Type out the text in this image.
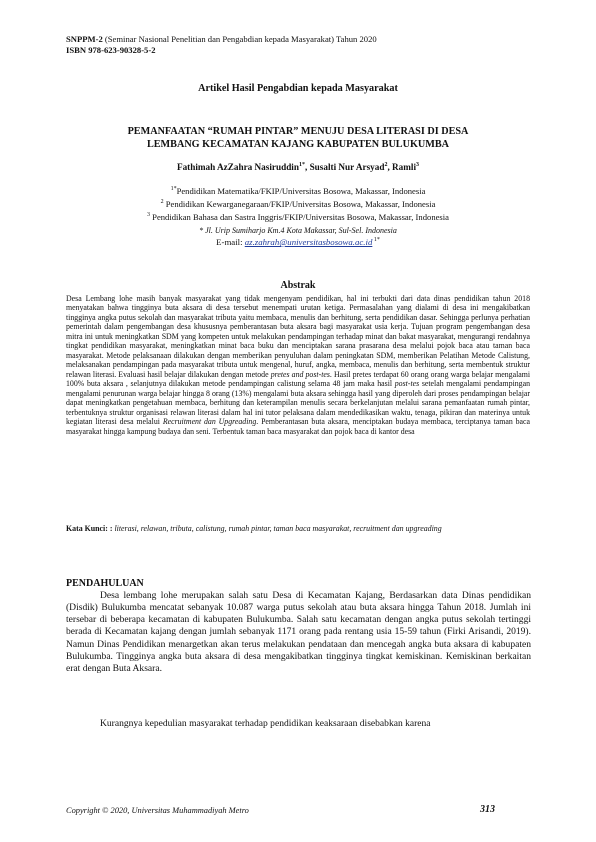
SNPPM-2 (Seminar Nasional Penelitian dan Pengabdian kepada Masyarakat) Tahun 2020
ISBN 978-623-90328-5-2
Artikel Hasil Pengabdian kepada Masyarakat
PEMANFAATAN “RUMAH PINTAR” MENUJU DESA LITERASI DI DESA
LEMBANG KECAMATAN KAJANG KABUPATEN BULUKUMBA
Fathimah AzZahra Nasiruddin$^{1*}$, Susalti Nur Arsyad$^2$, Ramli$^3$
$^{1*}$Pendidikan Matematika/FKIP/Universitas Bosowa, Makassar, Indonesia
$^2$ Pendidikan Kewarganegaraan/FKIP/Universitas Bosowa, Makassar, Indonesia
$^3$ Pendidikan Bahasa dan Sastra Inggris/FKIP/Universitas Bosowa, Makassar, Indonesia
* Jl. Urip Sumiharjo Km.4 Kota Makassar, Sul-Sel. Indonesia
E-mail: az.zahrah@universitasbosowa.ac.id $^{1*}$
Abstrak
Desa Lembang lohe masih banyak masyarakat yang tidak mengenyam pendidikan, hal ini terbukti dari data dinas pendidikan tahun 2018 menyatakan bahwa tingginya buta aksara di desa tersebut menempati urutan ketiga. Permasalahan yang dialami di desa ini mengakibatkan tingginya angka putus sekolah dan masyarakat tributa yaitu membaca, menulis dan berhitung, serta pendidikan dasar. Sehingga perlunya perhatian pemerintah dalam pengembangan desa khususnya pemberantasan buta aksara bagi masyarakat usia kerja. Tujuan program pengembangan desa mitra ini untuk meningkatkan SDM yang kompeten untuk melakukan pendampingan terhadap minat dan bakat masyarakat, mengurangi rendahnya tingkat pendidikan masyarakat, meningkatkan minat baca buku dan menciptakan sarana prasarana desa melalui pojok baca atau taman baca masyarakat. Metode pelaksanaan dilakukan dengan memberikan penyuluhan dalam peningkatan SDM, memberikan Pelatihan Metode Calistung, melaksanakan pendampingan pada masyarakat tributa untuk mengenal, huruf, angka, membaca, menulis dan berhitung, serta membentuk struktur relawan literasi. Evaluasi hasil belajar dilakukan dengan metode pretes and post-tes. Hasil pretes terdapat 60 orang orang warga belajar mengalami 100% buta aksara , selanjutnya dilakukan metode pendampingan calistung selama 48 jam maka hasil post-tes setelah mengalami pendampingan mengalami penurunan warga belajar hingga 8 orang (13%) mengalami buta aksara sehingga hasil yang diperoleh dari proses pendampingan belajar dapat meningkatkan pengetahuan membaca, berhitung dan keterampilan menulis secara berkelanjutan melalui sarana pemanfaatan rumah pintar, terbentuknya struktur organisasi relawan literasi dalam hal ini tutor pelaksana dalam mendedikasikan waktu, tenaga, pikiran dan materinya untuk kegiatan literasi desa melalui Recruitment dan Upgreading. Pemberantasan buta aksara, menciptakan budaya membaca, terciptanya taman baca masyarakat hingga kampung budaya dan seni. Terbentuk taman baca masyarakat dan pojok baca di kantor desa
Kata Kunci: : literasi, relawan, tributa, calistung, rumah pintar, taman baca masyarakat, recruitment dan upgreading
PENDAHULUAN

Desa lembang lohe merupakan salah satu Desa di Kecamatan Kajang, Berdasarkan data Dinas pendidikan (Disdik) Bulukumba mencatat sebanyak 10.087 warga putus sekolah atau buta aksara hingga Tahun 2018. Jumlah ini tersebar di beberapa kecamatan di kabupaten Bulukumba. Salah satu kecamatan dengan angka putus sekolah tertinggi berada di Kecamatan kajang dengan jumlah sebanyak 1171 orang pada rentang usia 15-59 tahun (Firki Arisandi, 2019). Namun Dinas Pendidikan menargetkan akan terus melakukan pendataan dan mencegah angka buta aksara di kabupaten Bulukumba. Tingginya angka buta aksara di desa mengakibatkan tingginya tingkat kemiskinan. Kemiskinan berkaitan erat dengan Buta Aksara.

Kurangnya kepedulian masyarakat terhadap pendidikan keaksaraan disebabkan karena
Copyright © 2020, Universitas Muhammadiyah Metro	313
